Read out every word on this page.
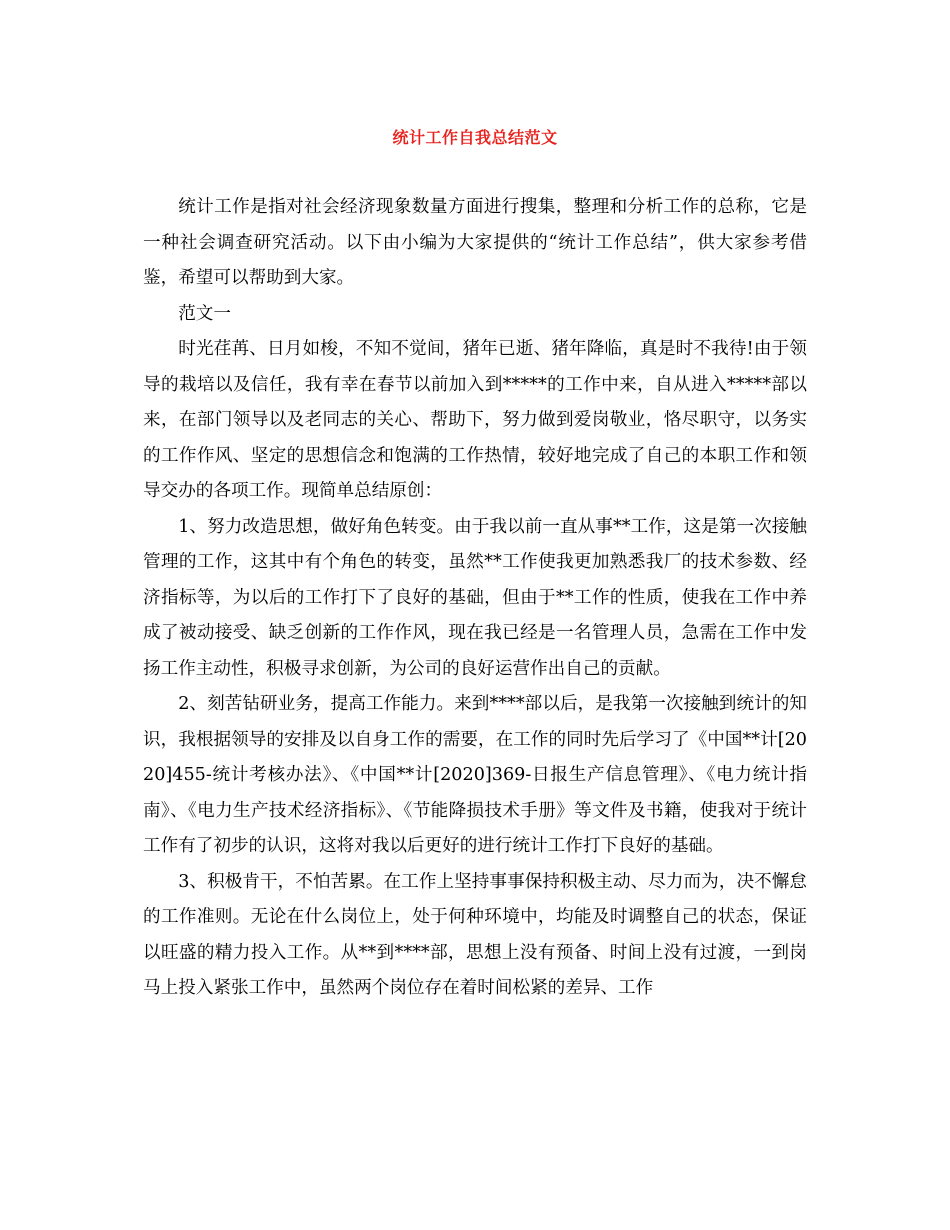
统计工作自我总结范文

统计工作是指对社会经济现象数量方面进行搜集，整理和分析工作的总称，它是一种社会调查研究活动。以下由小编为大家提供的“统计工作总结”，供大家参考借鉴，希望可以帮助到大家。

范文一

时光荏苒、日月如梭，不知不觉间，猪年已逝、猪年降临，真是时不我待!由于领导的栽培以及信任，我有幸在春节以前加入到*****的工作中来，自从进入*****部以来，在部门领导以及老同志的关心、帮助下，努力做到爱岗敬业，恪尽职守，以务实的工作作风、坚定的思想信念和饱满的工作热情，较好地完成了自己的本职工作和领导交办的各项工作。现简单总结原创：

1、努力改造思想，做好角色转变。由于我以前一直从事**工作，这是第一次接触管理的工作，这其中有个角色的转变，虽然**工作使我更加熟悉我厂的技术参数、经济指标等，为以后的工作打下了良好的基础，但由于**工作的性质，使我在工作中养成了被动接受、缺乏创新的工作作风，现在我已经是一名管理人员，急需在工作中发扬工作主动性，积极寻求创新，为公司的良好运营作出自己的贡献。

2、刻苦钻研业务，提高工作能力。来到****部以后，是我第一次接触到统计的知识，我根据领导的安排及以自身工作的需要，在工作的同时先后学习了《中国**计[2020]455-统计考核办法》、《中国**计[2020]369-日报生产信息管理》、《电力统计指南》、《电力生产技术经济指标》、《节能降损技术手册》等文件及书籍，使我对于统计工作有了初步的认识，这将对我以后更好的进行统计工作打下良好的基础。

3、积极肯干，不怕苦累。在工作上坚持事事保持积极主动、尽力而为，决不懈怠的工作准则。无论在什么岗位上，处于何种环境中，均能及时调整自己的状态，保证以旺盛的精力投入工作。从**到****部，思想上没有预备、时间上没有过渡，一到岗马上投入紧张工作中，虽然两个岗位存在着时间松紧的差异、工作
